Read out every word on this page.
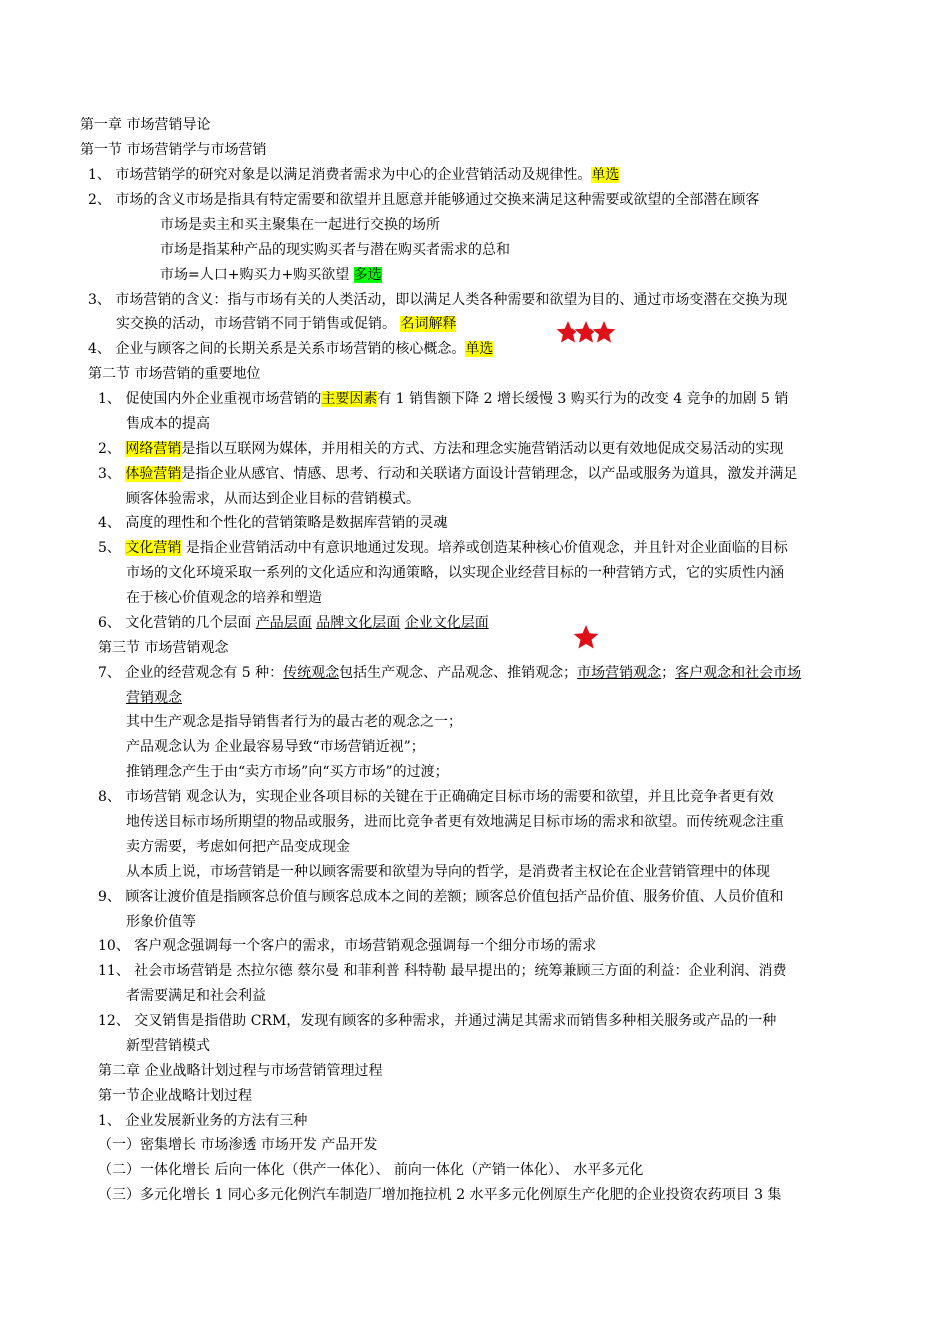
第一章 市场营销导论
第一节 市场营销学与市场营销
1、 市场营销学的研究对象是以满足消费者需求为中心的企业营销活动及规律性。单选
2、 市场的含义市场是指具有特定需要和欲望并且愿意并能够通过交换来满足这种需要或欲望的全部潜在顾客
市场是卖主和买主聚集在一起进行交换的场所
市场是指某种产品的现实购买者与潜在购买者需求的总和
市场=人口+购买力+购买欲望 多选
3、 市场营销的含义：指与市场有关的人类活动，即以满足人类各种需要和欲望为目的、通过市场变潜在交换为现
实交换的活动，市场营销不同于销售或促销。 名词解释
4、 企业与顾客之间的长期关系是关系市场营销的核心概念。单选
第二节 市场营销的重要地位
1、 促使国内外企业重视市场营销的主要因素有 1 销售额下降 2 增长缓慢 3 购买行为的改变 4 竞争的加剧 5 销
售成本的提高
2、 网络营销是指以互联网为媒体，并用相关的方式、方法和理念实施营销活动以更有效地促成交易活动的实现
3、 体验营销是指企业从感官、情感、思考、行动和关联诸方面设计营销理念，以产品或服务为道具，激发并满足
顾客体验需求，从而达到企业目标的营销模式。
4、 高度的理性和个性化的营销策略是数据库营销的灵魂
5、 文化营销 是指企业营销活动中有意识地通过发现。培养或创造某种核心价值观念，并且针对企业面临的目标
市场的文化环境采取一系列的文化适应和沟通策略，以实现企业经营目标的一种营销方式，它的实质性内涵
在于核心价值观念的培养和塑造
6、 文化营销的几个层面 产品层面 品牌文化层面 企业文化层面
第三节 市场营销观念
7、 企业的经营观念有 5 种：传统观念包括生产观念、产品观念、推销观念；市场营销观念；客户观念和社会市场
营销观念
其中生产观念是指导销售者行为的最古老的观念之一；
产品观念认为 企业最容易导致“市场营销近视”；
推销理念产生于由“卖方市场”向“买方市场”的过渡；
8、 市场营销 观念认为，实现企业各项目标的关键在于正确确定目标市场的需要和欲望，并且比竞争者更有效
地传送目标市场所期望的物品或服务，进而比竞争者更有效地满足目标市场的需求和欲望。而传统观念注重
卖方需要，考虑如何把产品变成现金
从本质上说，市场营销是一种以顾客需要和欲望为导向的哲学，是消费者主权论在企业营销管理中的体现
9、 顾客让渡价值是指顾客总价值与顾客总成本之间的差额；顾客总价值包括产品价值、服务价值、人员价值和
形象价值等
10、 客户观念强调每一个客户的需求，市场营销观念强调每一个细分市场的需求
11、 社会市场营销是 杰拉尔德 蔡尔曼 和菲利普 科特勒 最早提出的；统筹兼顾三方面的利益：企业利润、消费
者需要满足和社会利益
12、 交叉销售是指借助 CRM，发现有顾客的多种需求，并通过满足其需求而销售多种相关服务或产品的一种
新型营销模式
第二章 企业战略计划过程与市场营销管理过程
第一节企业战略计划过程
1、 企业发展新业务的方法有三种
（一）密集增长 市场渗透 市场开发 产品开发
（二）一体化增长 后向一体化（供产一体化）、 前向一体化（产销一体化）、 水平多元化
（三）多元化增长 1 同心多元化例汽车制造厂增加拖拉机 2 水平多元化例原生产化肥的企业投资农药项目 3 集
